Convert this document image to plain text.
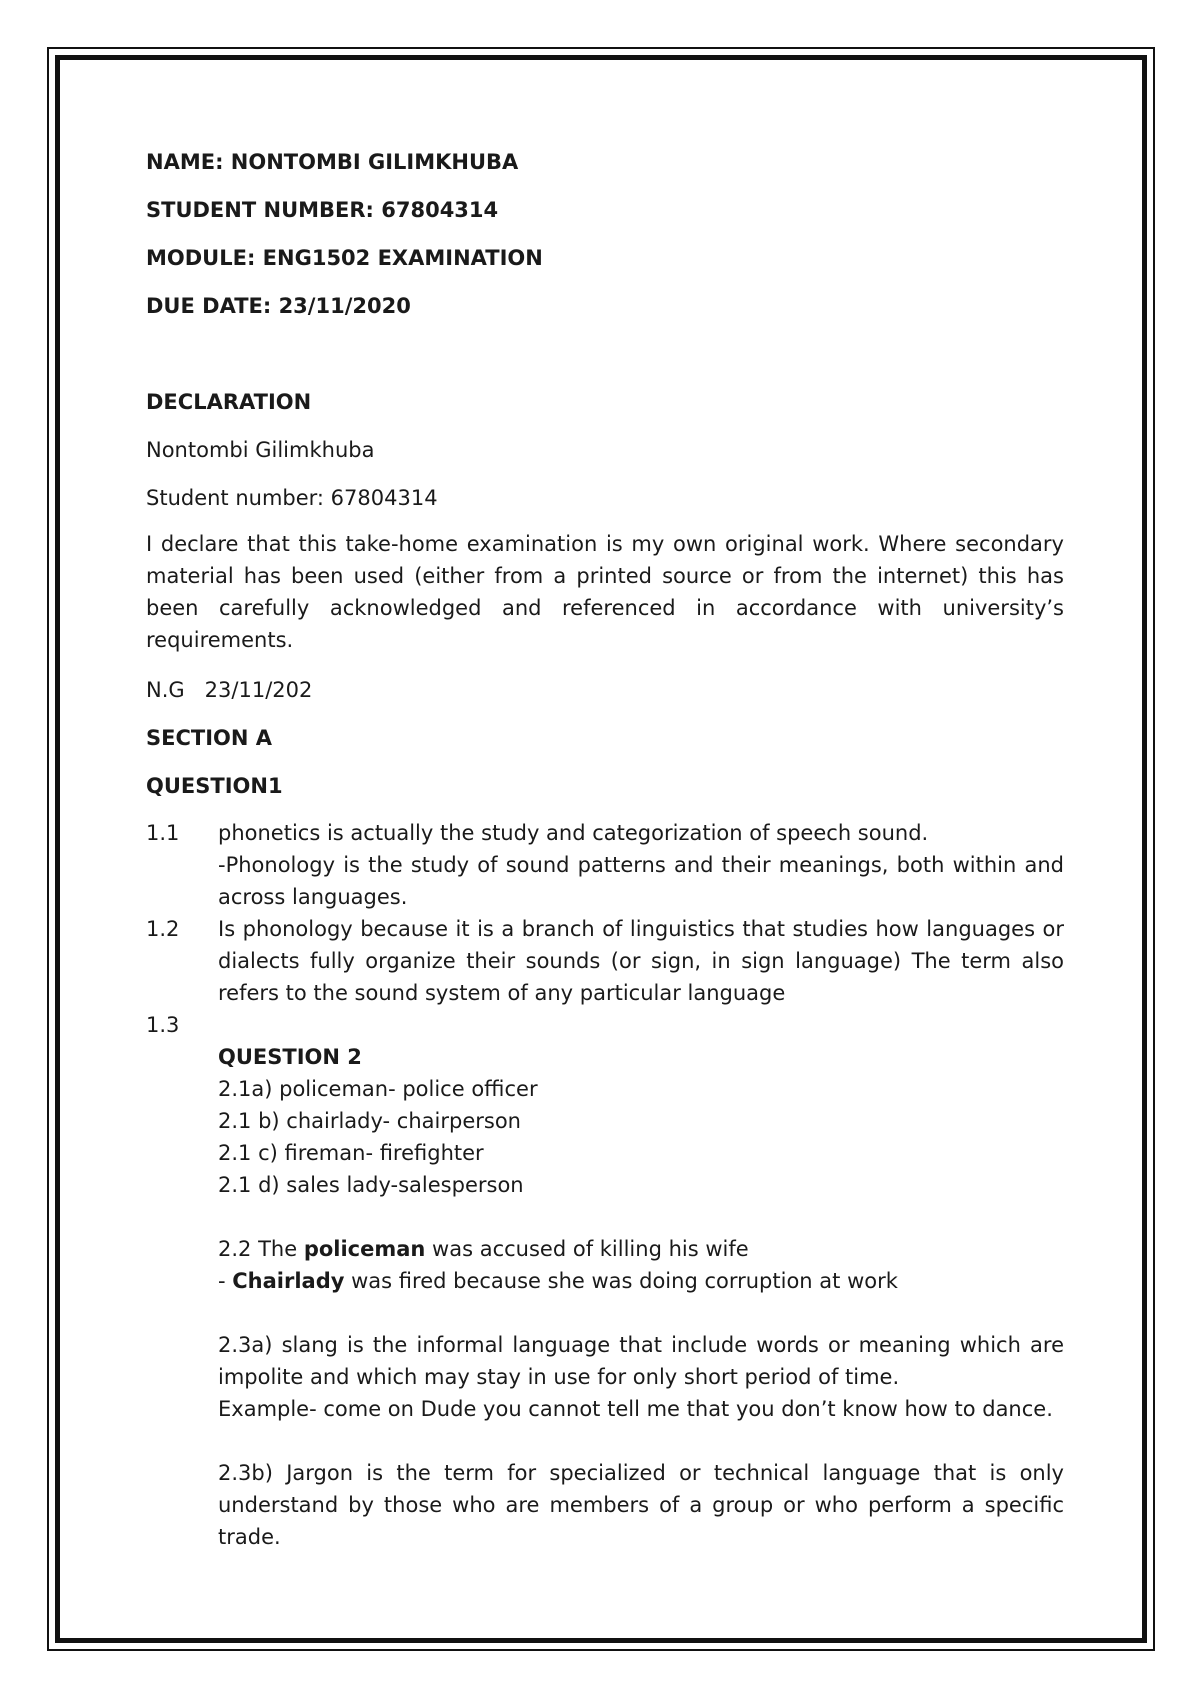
NAME: NONTOMBI GILIMKHUBA
STUDENT NUMBER: 67804314
MODULE: ENG1502 EXAMINATION
DUE DATE: 23/11/2020
DECLARATION
Nontombi Gilimkhuba
Student number: 67804314
I declare that this take-home examination is my own original work. Where secondary material has been used (either from a printed source or from the internet) this has been carefully acknowledged and referenced in accordance with university’s requirements.
N.G   23/11/202
SECTION A
QUESTION1
1.1 phonetics is actually the study and categorization of speech sound.
-Phonology is the study of sound patterns and their meanings, both within and across languages.
1.2 Is phonology because it is a branch of linguistics that studies how languages or dialects fully organize their sounds (or sign, in sign language) The term also refers to the sound system of any particular language
1.3
QUESTION 2
2.1a) policeman- police officer
2.1 b) chairlady- chairperson
2.1 c) fireman- firefighter
2.1 d) sales lady-salesperson
2.2 The policeman was accused of killing his wife
- Chairlady was fired because she was doing corruption at work
2.3a) slang is the informal language that include words or meaning which are impolite and which may stay in use for only short period of time.
Example- come on Dude you cannot tell me that you don’t know how to dance.
2.3b) Jargon is the term for specialized or technical language that is only understand by those who are members of a group or who perform a specific trade.
